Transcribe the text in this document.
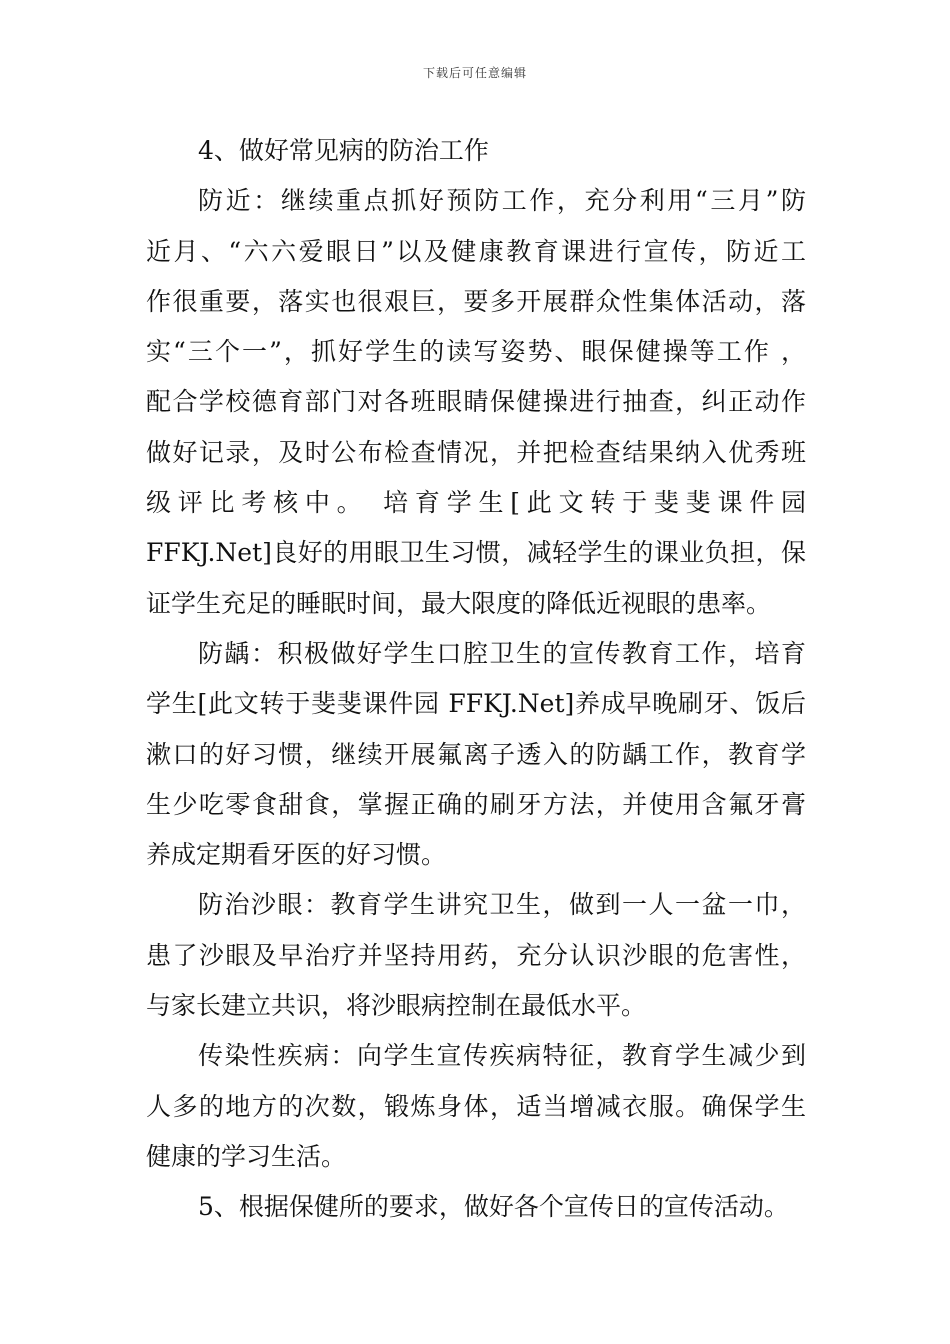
下载后可任意编辑

4、做好常见病的防治工作

防近：继续重点抓好预防工作，充分利用“三月”防
近月、“六六爱眼日”以及健康教育课进行宣传，防近工
作很重要，落实也很艰巨，要多开展群众性集体活动，落
实“三个一”，抓好学生的读写姿势、眼保健操等工作 ，
配合学校德育部门对各班眼睛保健操进行抽查，纠正动作
做好记录，及时公布检查情况，并把检查结果纳入优秀班
级评比考核中。 培育学生[此文转于斐斐课件园
FFKJ.Net]良好的用眼卫生习惯，减轻学生的课业负担，保
证学生充足的睡眠时间，最大限度的降低近视眼的患率。

防龋：积极做好学生口腔卫生的宣传教育工作，培育
学生[此文转于斐斐课件园 FFKJ.Net]养成早晚刷牙、饭后
漱口的好习惯，继续开展氟离子透入的防龋工作，教育学
生少吃零食甜食，掌握正确的刷牙方法，并使用含氟牙膏
养成定期看牙医的好习惯。

防治沙眼：教育学生讲究卫生，做到一人一盆一巾，
患了沙眼及早治疗并坚持用药，充分认识沙眼的危害性，
与家长建立共识，将沙眼病控制在最低水平。

传染性疾病：向学生宣传疾病特征，教育学生减少到
人多的地方的次数，锻炼身体，适当增减衣服。确保学生
健康的学习生活。

5、根据保健所的要求，做好各个宣传日的宣传活动。
